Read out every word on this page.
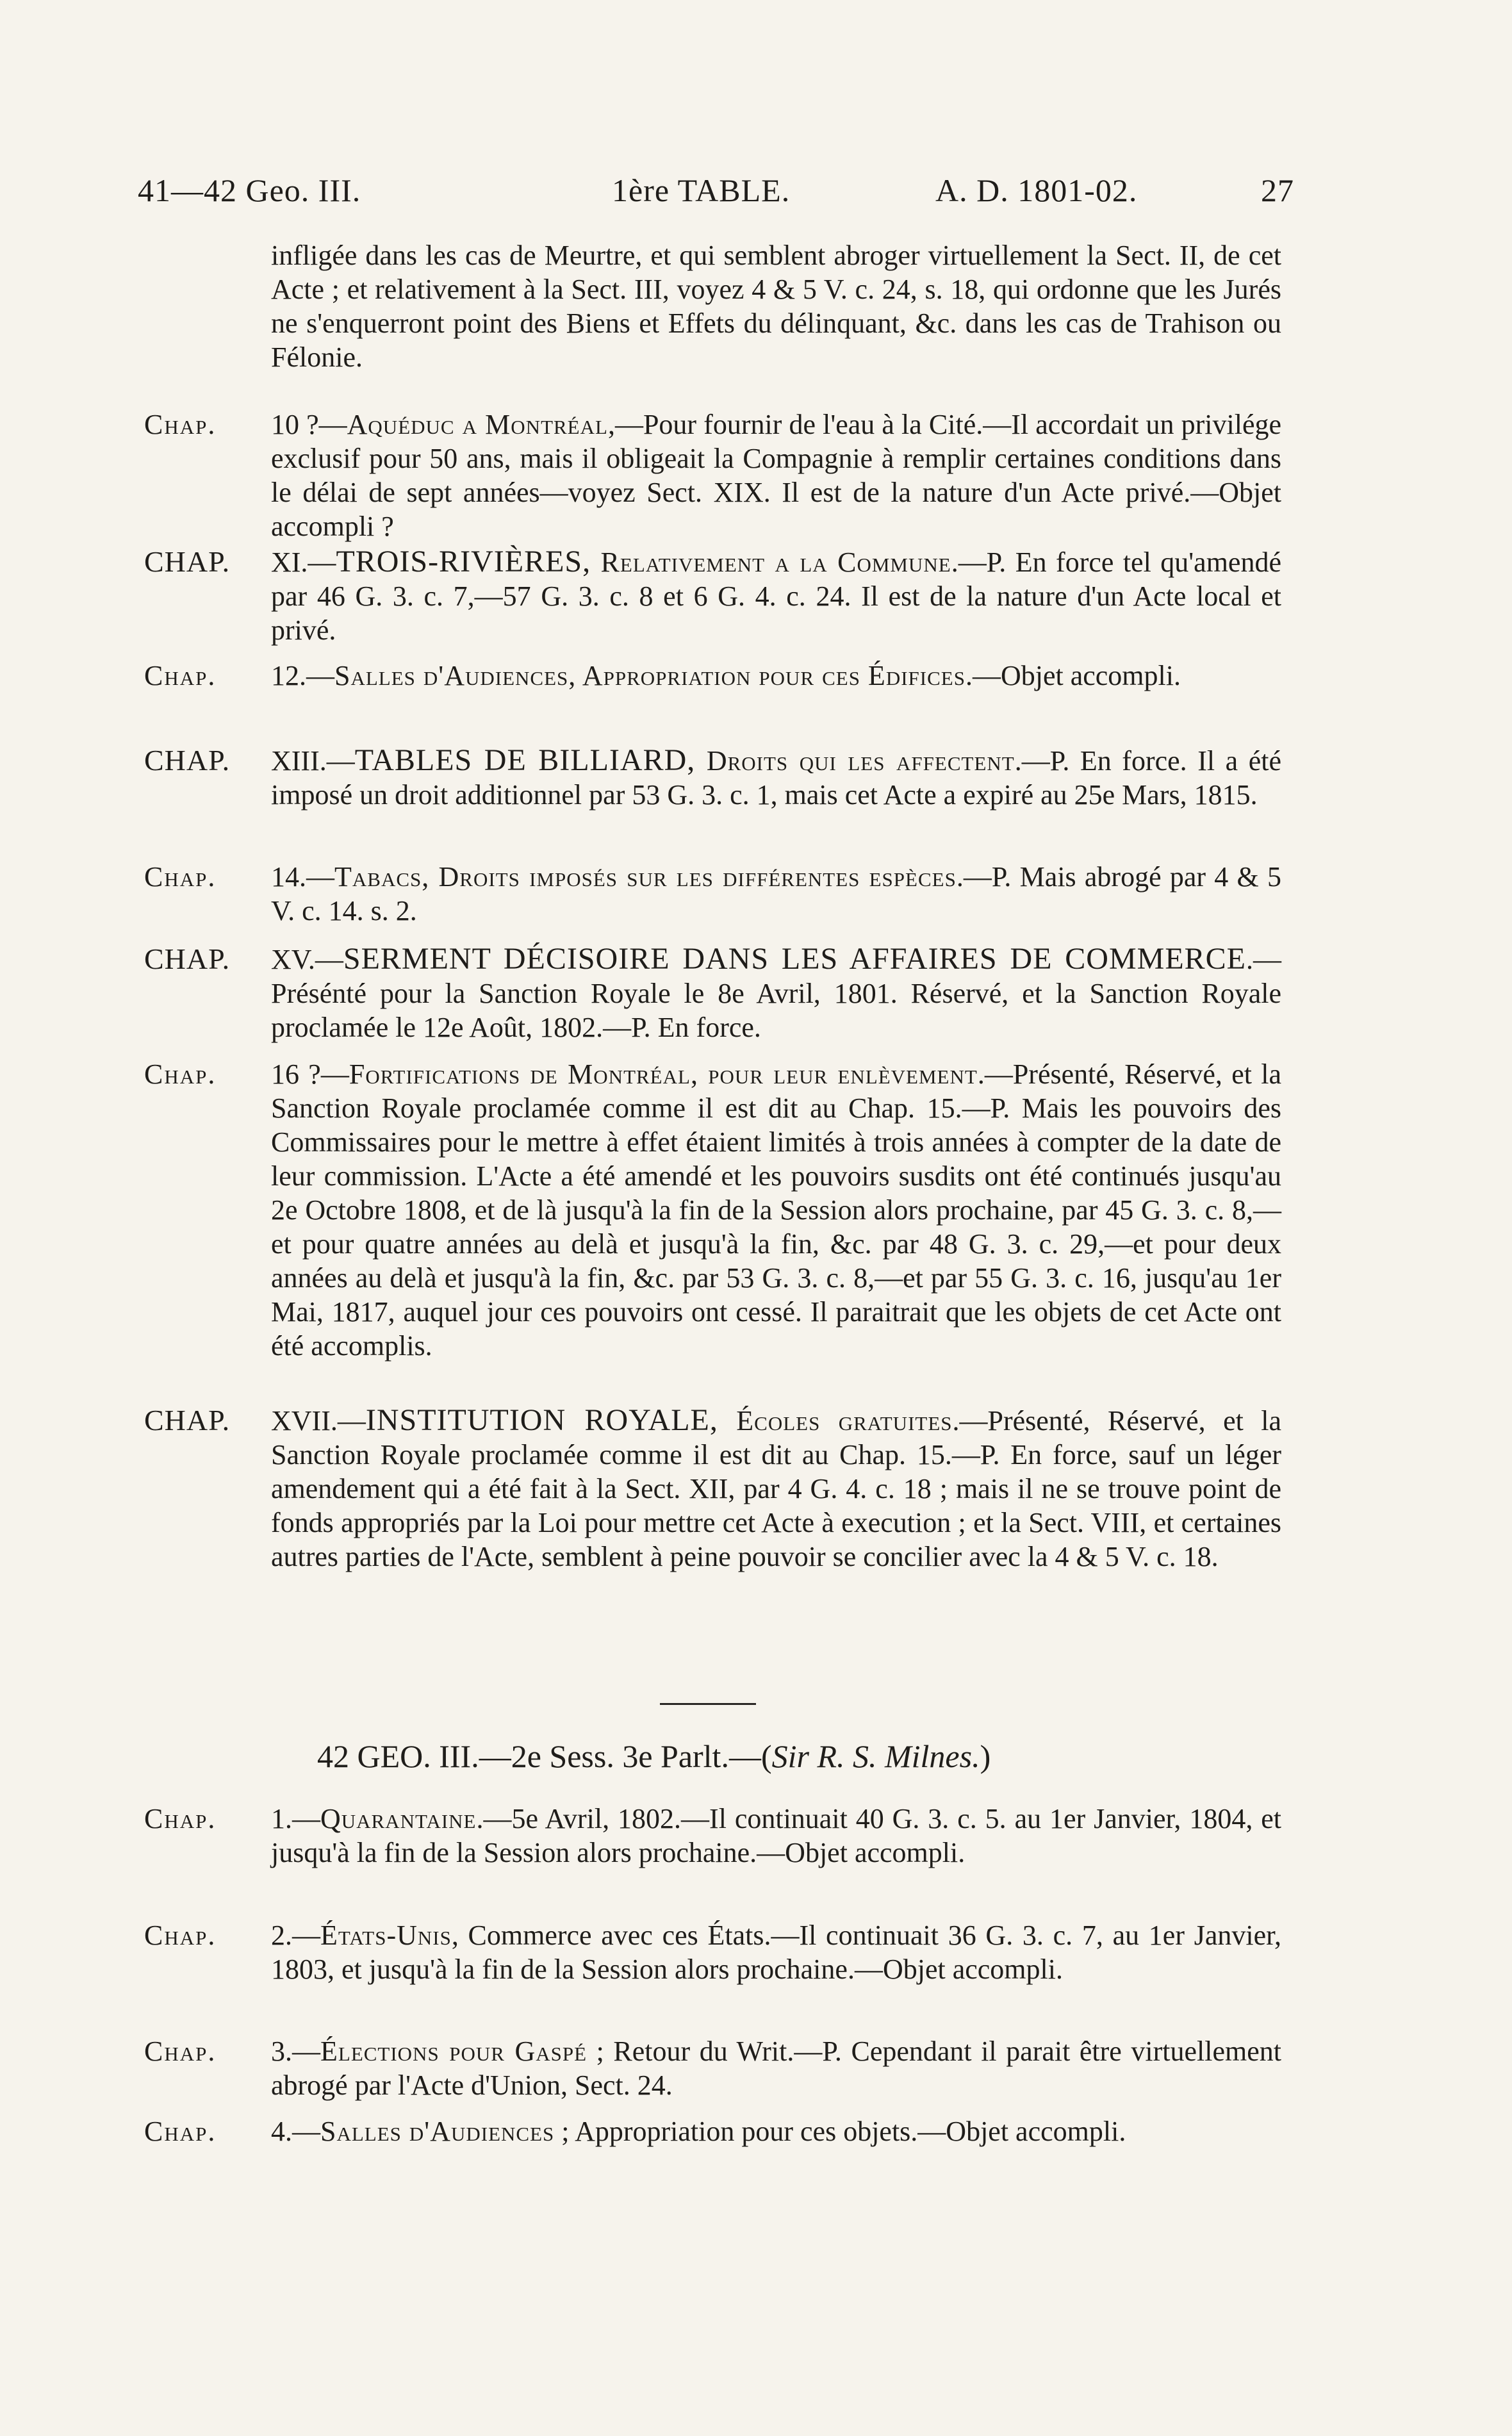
41—42 Geo. III.	1ère TABLE.	A. D. 1801-02.	27
infligée dans les cas de Meurtre, et qui semblent abroger virtuellement la Sect. II, de cet Acte ; et relativement à la Sect. III, voyez 4 & 5 V. c. 24, s. 18, qui ordonne que les Jurés ne s'enquerront point des Biens et Effets du délinquant, &c. dans les cas de Trahison ou Félonie.
Chap. 10 ?—Aquéduc a Montréal,—Pour fournir de l'eau à la Cité.—Il accordait un privilége exclusif pour 50 ans, mais il obligeait la Compagnie à remplir certaines conditions dans le délai de sept années—voyez Sect. XIX. Il est de la nature d'un Acte privé.—Objet accompli ?
CHAP. XI.—TROIS-RIVIÈRES, Relativement a la Commune.—P. En force tel qu'amendé par 46 G. 3. c. 7,—57 G. 3. c. 8 et 6 G. 4. c. 24. Il est de la nature d'un Acte local et privé.
Chap. 12.—Salles d'Audiences, Appropriation pour ces Édifices.—Objet accompli.
CHAP. XIII.—TABLES DE BILLIARD, Droits qui les affectent.—P. En force. Il a été imposé un droit additionnel par 53 G. 3. c. 1, mais cet Acte a expiré au 25e Mars, 1815.
Chap. 14.—Tabacs, Droits imposés sur les différentes espèces.—P. Mais abrogé par 4 & 5 V. c. 14. s. 2.
CHAP. XV.—SERMENT DÉCISOIRE DANS LES AFFAIRES DE COMMERCE.—Présénté pour la Sanction Royale le 8e Avril, 1801. Réservé, et la Sanction Royale proclamée le 12e Août, 1802.—P. En force.
Chap. 16 ?—Fortifications de Montréal, pour leur enlèvement.—Présenté, Réservé, et la Sanction Royale proclamée comme il est dit au Chap. 15.—P. Mais les pouvoirs des Commissaires pour le mettre à effet étaient limités à trois années à compter de la date de leur commission. L'Acte a été amendé et les pouvoirs susdits ont été continués jusqu'au 2e Octobre 1808, et de là jusqu'à la fin de la Session alors prochaine, par 45 G. 3. c. 8,—et pour quatre années au delà et jusqu'à la fin, &c. par 48 G. 3. c. 29,—et pour deux années au delà et jusqu'à la fin, &c. par 53 G. 3. c. 8,—et par 55 G. 3. c. 16, jusqu'au 1er Mai, 1817, auquel jour ces pouvoirs ont cessé. Il paraitrait que les objets de cet Acte ont été accomplis.
CHAP. XVII.—INSTITUTION ROYALE, Écoles gratuites.—Présenté, Réservé, et la Sanction Royale proclamée comme il est dit au Chap. 15.—P. En force, sauf un léger amendement qui a été fait à la Sect. XII, par 4 G. 4. c. 18 ; mais il ne se trouve point de fonds appropriés par la Loi pour mettre cet Acte à execution ; et la Sect. VIII, et certaines autres parties de l'Acte, semblent à peine pouvoir se concilier avec la 4 & 5 V. c. 18.
42 GEO. III.—2e Sess. 3e Parlt.—(Sir R. S. Milnes.)
Chap. 1.—Quarantaine.—5e Avril, 1802.—Il continuait 40 G. 3. c. 5. au 1er Janvier, 1804, et jusqu'à la fin de la Session alors prochaine.—Objet accompli.
Chap. 2.—États-Unis, Commerce avec ces États.—Il continuait 36 G. 3. c. 7, au 1er Janvier, 1803, et jusqu'à la fin de la Session alors prochaine.—Objet accompli.
Chap. 3.—Élections pour Gaspé ; Retour du Writ.—P. Cependant il parait être virtuellement abrogé par l'Acte d'Union, Sect. 24.
Chap. 4.—Salles d'Audiences ; Appropriation pour ces objets.—Objet accompli.
